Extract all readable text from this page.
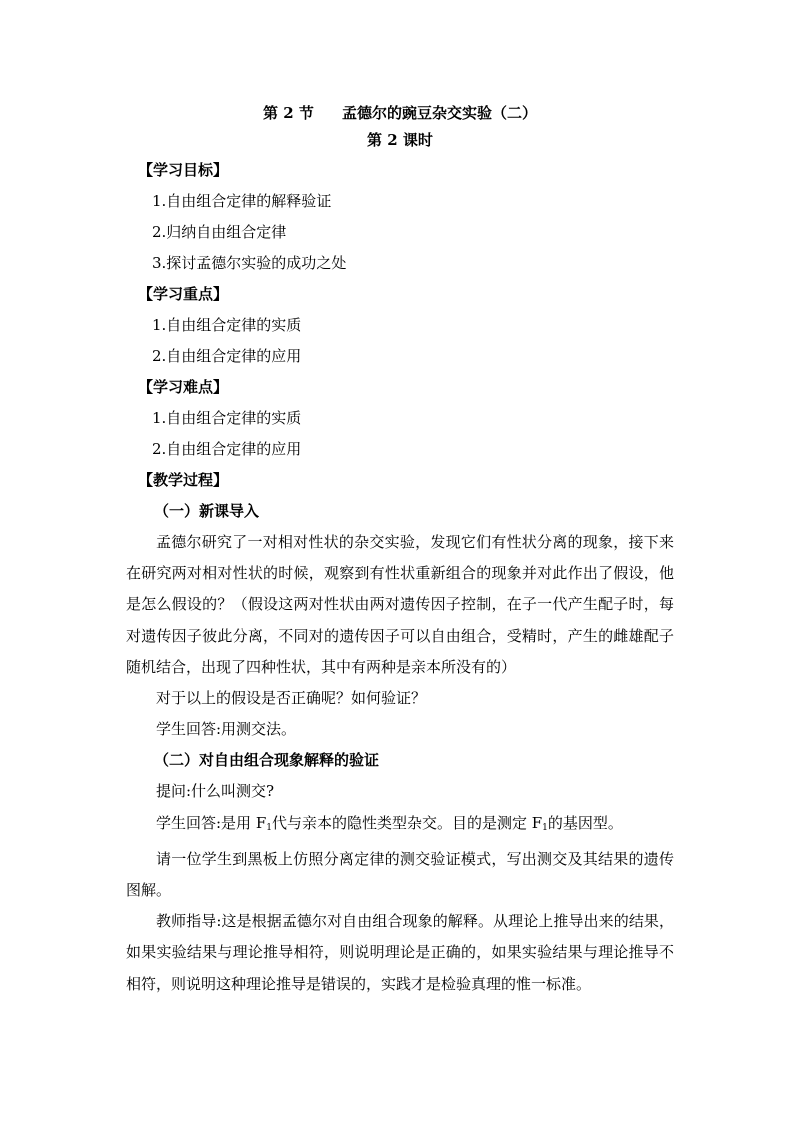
第 2 节 孟德尔的豌豆杂交实验（二）
第 2 课时
【学习目标】
1.自由组合定律的解释验证
2.归纳自由组合定律
3.探讨孟德尔实验的成功之处
【学习重点】
1.自由组合定律的实质
2.自由组合定律的应用
【学习难点】
1.自由组合定律的实质
2.自由组合定律的应用
【教学过程】
（一）新课导入

孟德尔研究了一对相对性状的杂交实验，发现它们有性状分离的现象，接下来在研究两对相对性状的时候，观察到有性状重新组合的现象并对此作出了假设，他是怎么假设的？（假设这两对性状由两对遗传因子控制，在子一代产生配子时，每对遗传因子彼此分离，不同对的遗传因子可以自由组合，受精时，产生的雌雄配子随机结合，出现了四种性状，其中有两种是亲本所没有的）

对于以上的假设是否正确呢？如何验证？

学生回答:用测交法。

（二）对自由组合现象解释的验证

提问:什么叫测交?

学生回答:是用 $F_1$代与亲本的隐性类型杂交。目的是测定 $F_1$的基因型。

请一位学生到黑板上仿照分离定律的测交验证模式，写出测交及其结果的遗传图解。

教师指导:这是根据孟德尔对自由组合现象的解释。从理论上推导出来的结果，如果实验结果与理论推导相符，则说明理论是正确的，如果实验结果与理论推导不相符，则说明这种理论推导是错误的，实践才是检验真理的惟一标准。
